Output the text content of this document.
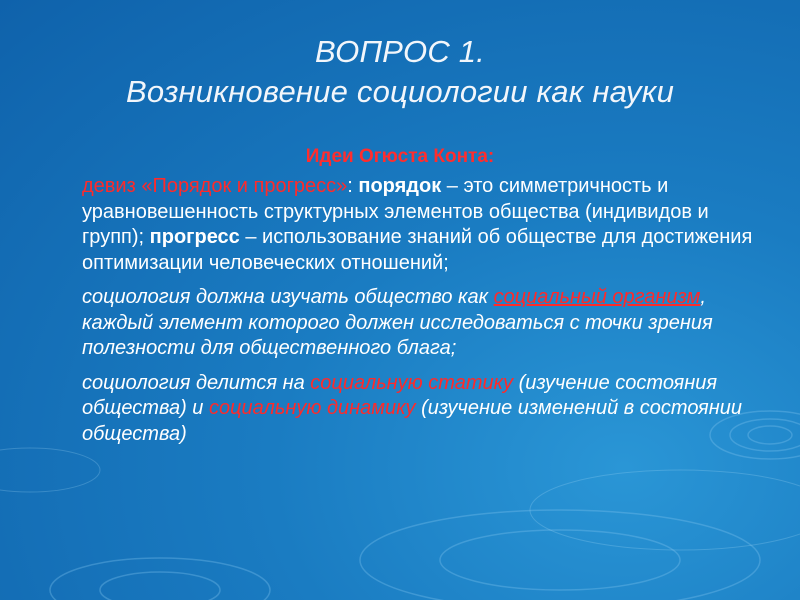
ВОПРОС 1.
Возникновение социологии как науки
Идеи Огюста Конта:
девиз «Порядок и прогресс»: порядок – это симметричность и уравновешенность структурных элементов общества (индивидов и групп); прогресс – использование знаний об обществе для достижения оптимизации человеческих отношений;
социология должна изучать общество как социальный организм, каждый элемент которого должен исследоваться с точки зрения полезности для общественного блага;
социология делится на социальную статику (изучение состояния общества) и социальную динамику (изучение изменений в состоянии общества)
